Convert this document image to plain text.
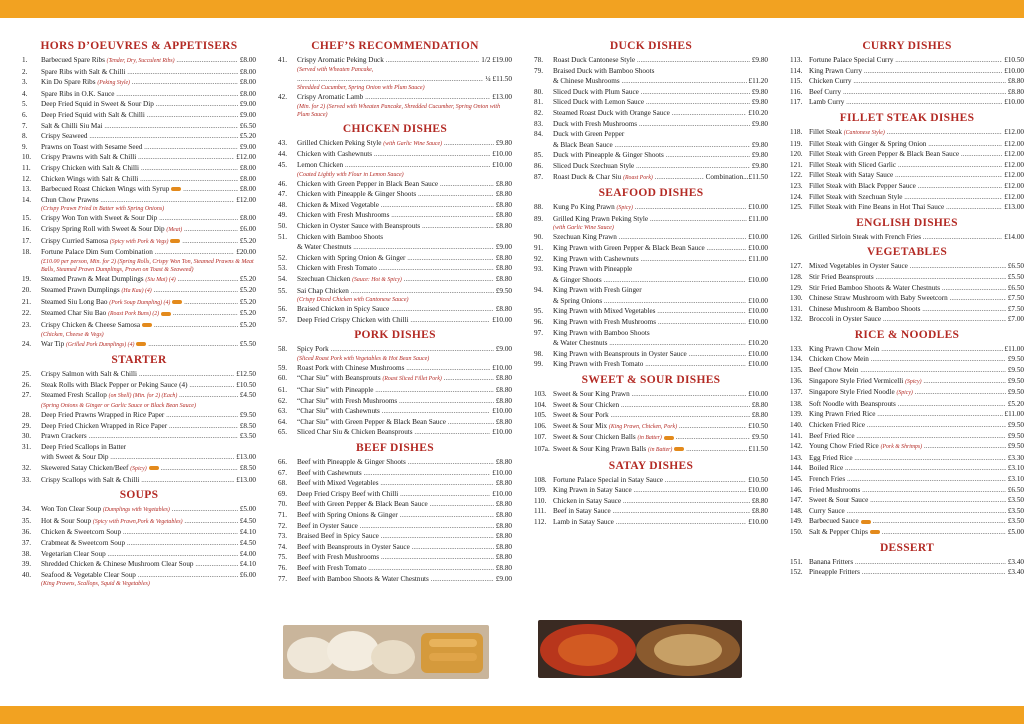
HORS D’OEUVRES & APPETISERS
1.	Barbecued Spare Ribs (Tender, Dry, Succulent Ribs) .....	£8.00
2.	Spare Ribs with Salt & Chilli .....	£8.00
3.	Kin Do Spare Ribs (Peking Style) .....	£8.00
4.	Spare Ribs in O.K. Sauce .....	£8.00
5.	Deep Fried Squid in Sweet & Sour Dip .....	£9.00
6.	Deep Fried Squid with Salt & Chilli .....	£9.00
7.	Salt & Chilli Siu Mai .....	£6.50
8.	Crispy Seaweed .....	£5.20
9.	Prawns on Toast with Sesame Seed .....	£9.00
10.	Crispy Prawns with Salt & Chilli .....	£12.00
11.	Crispy Chicken with Salt & Chilli .....	£8.00
12.	Chicken Wings with Salt & Chilli .....	£8.00
13.	Barbecued Roast Chicken Wings with Syrup .....	£8.00
14.	Chun Chow Prawns .....	£12.00
(Crispy Prawn Fried in Batter with Spring Onions)
15.	Crispy Won Ton with Sweet & Sour Dip .....	£8.00
16.	Crispy Spring Roll with Sweet & Sour Dip (Meat) .....	£6.00
17.	Crispy Curried Samosa (Spicy with Pork & Vegs) .....	£5.20
18.	Fortune Palace Dim Sum Combination .....	£20.00
(£10.00 per person, Min. for 2) (Spring Rolls, Crispy Won Ton, Steamed Prawns & Meat Balls, Steamed Prawn Dumplings, Prawn on Toast & Seaweed)
19.	Steamed Prawn & Meat Dumplings (Siu Mai) (4) .....	£5.20
20.	Steamed Prawn Dumplings (Ha Kau) (4) .....	£5.20
21.	Steamed Siu Long Bao (Pork Soup Dumpling) (4) .....	£5.20
22.	Steamed Char Siu Bao (Roast Pork Buns) (2) .....	£5.20
23.	Crispy Chicken & Cheese Samosa .....	£5.20
(Chicken, Cheese & Vegs)
24.	War Tip (Grilled Pork Dumplings) (4) .....	£5.50
STARTER
25.	Crispy Salmon with Salt & Chilli .....	£12.50
26.	Steak Rolls with Black Pepper or Peking Sauce (4) .....	£10.50
27.	Steamed Fresh Scallop (on Shell) (Min. for 2) (Each) .....	£4.50
(Spring Onions & Ginger or Garlic Sauce or Black Bean Sauce)
28.	Deep Fried Prawns Wrapped in Rice Paper .....	£9.50
29.	Deep Fried Chicken Wrapped in Rice Paper .....	£8.50
30.	Prawn Crackers .....	£3.50
31.	Deep Fried Scallops in Batter
with Sweet & Sour Dip .....	£13.00
32.	Skewered Satay Chicken/Beef (Spicy) .....	£8.50
33.	Crispy Scallops with Salt & Chilli .....	£13.00
SOUPS
34.	Won Ton Clear Soup (Dumplings with Vegetables) .....	£5.00
35.	Hot & Sour Soup (Spicy with Prawn,Pork & Vegetables) .....	£4.50
36.	Chicken & Sweetcorn Soup .....	£4.10
37.	Crabmeat & Sweetcorn Soup .....	£4.50
38.	Vegetarian Clear Soup .....	£4.00
39.	Shredded Chicken & Chinese Mushroom Clear Soup .....	£4.10
40.	Seafood & Vegetable Clear Soup .....	£6.00
(King Prawns, Scallops, Squid & Vegetables)
CHEF’S RECOMMENDATION
41.	Crispy Aromatic Peking Duck .....	1/2 £19.00
(Served with Wheaten Pancake,
.....
¼ £11.50
Shredded Cucumber, Spring Onion with Plum Sauce)
42.	Crispy Aromatic Lamb .....	£13.00
(Min. for 2) (Served with Wheaten Pancake, Shredded Cucumber, Spring Onion with Plum Sauce)
CHICKEN DISHES
43.	Grilled Chicken Peking Style (with Garlic Wine Sauce) .....	£9.80
44.	Chicken with Cashewnuts .....	£10.00
45.	Lemon Chicken .....	£10.00
(Coated Lightly with Flour in Lemon Sauce)
46.	Chicken with Green Pepper in Black Bean Sauce .....	£8.80
47.	Chicken with Pineapple & Ginger Shoots .....	£8.80
48.	Chicken & Mixed Vegetable .....	£8.80
49.	Chicken with Fresh Mushrooms .....	£8.80
50.	Chicken in Oyster Sauce with Beansprouts .....	£8.80
51.	Chicken with Bamboo Shoots
& Water Chestnuts .....	£9.00
52.	Chicken with Spring Onion & Ginger .....	£8.80
53.	Chicken with Fresh Tomato .....	£8.80
54.	Szechuan Chicken (Sauce: Hot & Spicy) .....	£8.80
55.	Sai Chap Chicken .....	£9.50
(Crispy Diced Chicken with Cantonese Sauce)
56.	Braised Chicken in Spicy Sauce .....	£8.80
57.	Deep Fried Crispy Chicken with Chilli .....	£10.00
PORK DISHES
58.	Spicy Pork .....	£9.00
(Sliced Roast Pork with Vegetables & Hot Bean Sauce)
59.	Roast Pork with Chinese Mushrooms .....	£10.00
60.	“Char Siu” with Beansprouts (Roast Sliced Fillet Pork) .....	£8.80
61.	“Char Siu” with Pineapple .....	£8.80
62.	“Char Siu” with Fresh Mushrooms .....	£8.80
63.	“Char Siu” with Cashewnuts .....	£10.00
64.	“Char Siu” with Green Pepper & Black Bean Sauce .....	£8.80
65.	Sliced Char Siu & Chicken Beansprouts .....	£10.00
BEEF DISHES
66.	Beef with Pineapple & Ginger Shoots .....	£8.80
67.	Beef with Cashewnuts .....	£10.00
68.	Beef with Mixed Vegetables .....	£8.80
69.	Deep Fried Crispy Beef with Chilli .....	£10.00
70.	Beef with Green Pepper & Black Bean Sauce .....	£8.80
71.	Beef with Spring Onions & Ginger .....	£8.80
72.	Beef in Oyster Sauce .....	£8.80
73.	Braised Beef in Spicy Sauce .....	£8.80
74.	Beef with Beansprouts in Oyster Sauce .....	£8.80
75.	Beef with Fresh Mushrooms .....	£8.80
76.	Beef with Fresh Tomato .....	£8.80
77.	Beef with Bamboo Shoots & Water Chestnuts .....	£9.00
DUCK DISHES
78.	Roast Duck Cantonese Style .....	£9.80
79.	Braised Duck with Bamboo Shoots
& Chinese Mushrooms .....	£11.20
80.	Sliced Duck with Plum Sauce .....	£9.80
81.	Sliced Duck with Lemon Sauce .....	£9.80
82.	Steamed Roast Duck with Orange Sauce .....	£10.20
83.	Duck with Fresh Mushrooms .....	£9.80
84.	Duck with Green Pepper
& Black Bean Sauce .....	£9.80
85.	Duck with Pineapple & Ginger Shoots .....	£9.80
86.	Sliced Duck Szechuan Style .....	£9.80
87.	Roast Duck & Char Siu (Roast Pork) .....	Combination...£11.50
SEAFOOD DISHES
88.	Kung Po King Prawn (Spicy) .....	£10.00
89.	Grilled King Prawn Peking Style .....	£11.00
(with Garlic Wine Sauce)
90.	Szechuan King Prawn .....	£10.00
91.	King Prawn with Green Pepper & Black Bean Sauce .....	£10.00
92.	King Prawn with Cashewnuts .....	£11.00
93.	King Prawn with Pineapple
& Ginger Shoots .....	£10.00
94.	King Prawn with Fresh Ginger
& Spring Onions .....	£10.00
95.	King Prawn with Mixed Vegetables .....	£10.00
96.	King Prawn with Fresh Mushrooms .....	£10.00
97.	King Prawn with Bamboo Shoots
& Water Chestnuts .....	£10.20
98.	King Prawn with Beansprouts in Oyster Sauce .....	£10.00
99.	King Prawn with Fresh Tomato .....	£10.00
SWEET & SOUR DISHES
103. Sweet & Sour King Prawn .....	£10.00
104. Sweet & Sour Chicken .....	£8.80
105. Sweet & Sour Pork .....	£8.80
106. Sweet & Sour Mix (King Prawn, Chicken, Pork) .....	£10.50
107. Sweet & Sour Chicken Balls (in Batter) .....	£9.50
107a. Sweet & Sour King Prawn Balls (in Batter) .....	£11.50
SATAY DISHES
108. Fortune Palace Special in Satay Sauce .....	£10.50
109. King Prawn in Satay Sauce .....	£10.00
110. Chicken in Satay Sauce .....	£8.80
111. Beef in Satay Sauce .....	£8.80
112. Lamb in Satay Sauce .....	£10.00
CURRY DISHES
113. Fortune Palace Special Curry .....	£10.50
114. King Prawn Curry .....	£10.00
115. Chicken Curry .....	£8.80
116. Beef Curry .....	£8.80
117. Lamb Curry .....	£10.00
FILLET STEAK DISHES
118. Fillet Steak (Cantonese Style) .....	£12.00
119. Fillet Steak with Ginger & Spring Onion .....	£12.00
120. Fillet Steak with Green Pepper & Black Bean Sauce .....	£12.00
121. Fillet Steak with Sliced Garlic .....	£12.00
122. Fillet Steak with Satay Sauce .....	£12.00
123. Fillet Steak with Black Pepper Sauce .....	£12.00
124. Fillet Steak with Szechuan Style .....	£12.00
125. Fillet Steak with Fine Beans in Hot Thai Sauce .....	£13.00
ENGLISH DISHES
126. Grilled Sirloin Steak with French Fries .....	£14.00
VEGETABLES
127. Mixed Vegetables in Oyster Sauce .....	£6.50
128. Stir Fried Beansprouts .....	£5.50
129. Stir Fried Bamboo Shoots & Water Chestnuts .....	£6.50
130. Chinese Straw Mushroom with Baby Sweetcorn .....	£7.50
131. Chinese Mushroom & Bamboo Shoots .....	£7.50
132. Broccoli in Oyster Sauce .....	£7.00
RICE & NOODLES
133. King Prawn Chow Mein .....	£11.00
134. Chicken Chow Mein .....	£9.50
135. Beef Chow Mein .....	£9.50
136. Singapore Style Fried Vermicelli (Spicy) .....	£9.50
137. Singapore Style Fried Noodle (Spicy) .....	£9.50
138. Soft Noodle with Beansprouts .....	£5.20
139. King Prawn Fried Rice .....	£11.00
140. Chicken Fried Rice .....	£9.50
141. Beef Fried Rice .....	£9.50
142. Young Chow Fried Rice (Pork & Shrimps) .....	£9.50
143. Egg Fried Rice .....	£3.30
144. Boiled Rice .....	£3.10
145. French Fries .....	£3.10
146. Fried Mushrooms .....	£6.50
147. Sweet & Sour Sauce .....	£3.50
148. Curry Sauce .....	£3.50
149. Barbecued Sauce .....	£3.50
150. Salt & Pepper Chips .....	£5.00
DESSERT
151. Banana Fritters .....	£3.40
152. Pineapple Fritters .....	£3.40
